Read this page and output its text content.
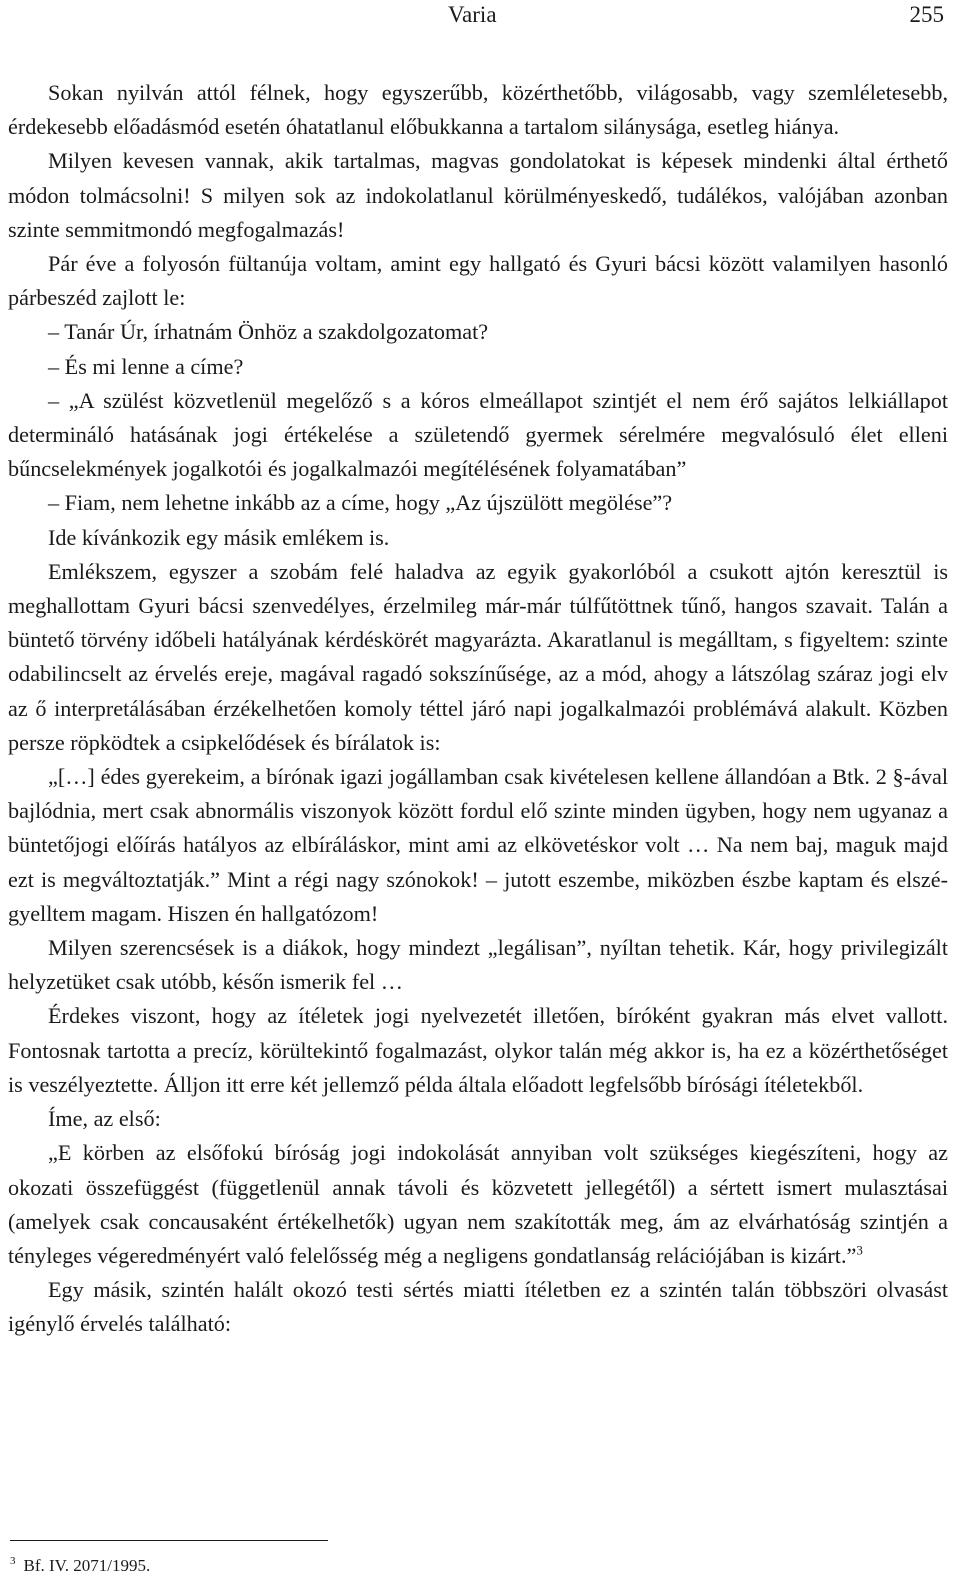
Varia	255

Sokan nyilván attól félnek, hogy egyszerűbb, közérthetőbb, világosabb, vagy szemléletesebb, érdekesebb előadásmód esetén óhatatlanul előbukkanna a tartalom silánysága, esetleg hiánya.

Milyen kevesen vannak, akik tartalmas, magvas gondolatokat is képesek mindenki által érthető módon tolmácsolni! S milyen sok az indokolatlanul körülményeskedő, tudálékos, valójában azonban szinte semmitmondó megfogalmazás!

Pár éve a folyosón fültanúja voltam, amint egy hallgató és Gyuri bácsi között valamilyen hasonló párbeszéd zajlott le:

– Tanár Úr, írhatnám Önhöz a szakdolgozatomat?

– És mi lenne a címe?

– „A szülést közvetlenül megelőző s a kóros elmeállapot szintjét el nem érő sajátos lelkiállapot determináló hatásának jogi értékelése a születendő gyermek sérelmére megvalósuló élet elleni bűncselekmények jogalkotói és jogalkalmazói megítélésének folyamatában”

– Fiam, nem lehetne inkább az a címe, hogy „Az újszülött megölése”?

Ide kívánkozik egy másik emlékem is.

Emlékszem, egyszer a szobám felé haladva az egyik gyakorlóból a csukott ajtón keresztül is meghallottam Gyuri bácsi szenvedélyes, érzelmileg már-már túlfűtöttnek tűnő, hangos szavait. Talán a büntető törvény időbeli hatályának kérdéskörét magyarázta. Akaratlanul is megálltam, s figyeltem: szinte odabilincselt az érvelés ereje, magával ragadó sokszínűsége, az a mód, ahogy a látszólag száraz jogi elv az ő interpretálásában érzékelhetően komoly téttel járó napi jogalkalmazói problémává alakult. Közben persze röpködtek a csipkelődések és bírálatok is:

„[…] édes gyerekeim, a bírónak igazi jogállamban csak kivételesen kellene állandóan a Btk. 2 §-ával bajlódnia, mert csak abnormális viszonyok között fordul elő szinte minden ügyben, hogy nem ugyanaz a büntetőjogi előírás hatályos az elbíráláskor, mint ami az elkövetéskor volt … Na nem baj, maguk majd ezt is megváltoztatják.” Mint a régi nagy szónokok! – jutott eszembe, miközben észbe kaptam és elszégyelltem magam. Hiszen én hallgatózom!

Milyen szerencsések is a diákok, hogy mindezt „legálisan”, nyíltan tehetik. Kár, hogy privilegizált helyzetüket csak utóbb, későn ismerik fel …

Érdekes viszont, hogy az ítéletek jogi nyelvezetét illetően, bíróként gyakran más elvet vallott. Fontosnak tartotta a precíz, körültekintő fogalmazást, olykor talán még akkor is, ha ez a közérthetőséget is veszélyeztette. Álljon itt erre két jellemző példa általa előadott legfelsőbb bírósági ítéletekből.

Íme, az első:

„E körben az elsőfokú bíróság jogi indokolását annyiban volt szükséges kiegészíteni, hogy az okozati összefüggést (függetlenül annak távoli és közvetett jellegétől) a sértett ismert mulasztásai (amelyek csak concausaként értékelhetők) ugyan nem szakították meg, ám az elvárhatóság szintjén a tényleges végeredményért való felelősség még a negligens gondatlanság relációjában is kizárt.”$^3$

Egy másik, szintén halált okozó testi sértés miatti ítéletben ez a szintén talán többszöri olvasást igénylő érvelés található:

$^3$ Bf. IV. 2071/1995.
